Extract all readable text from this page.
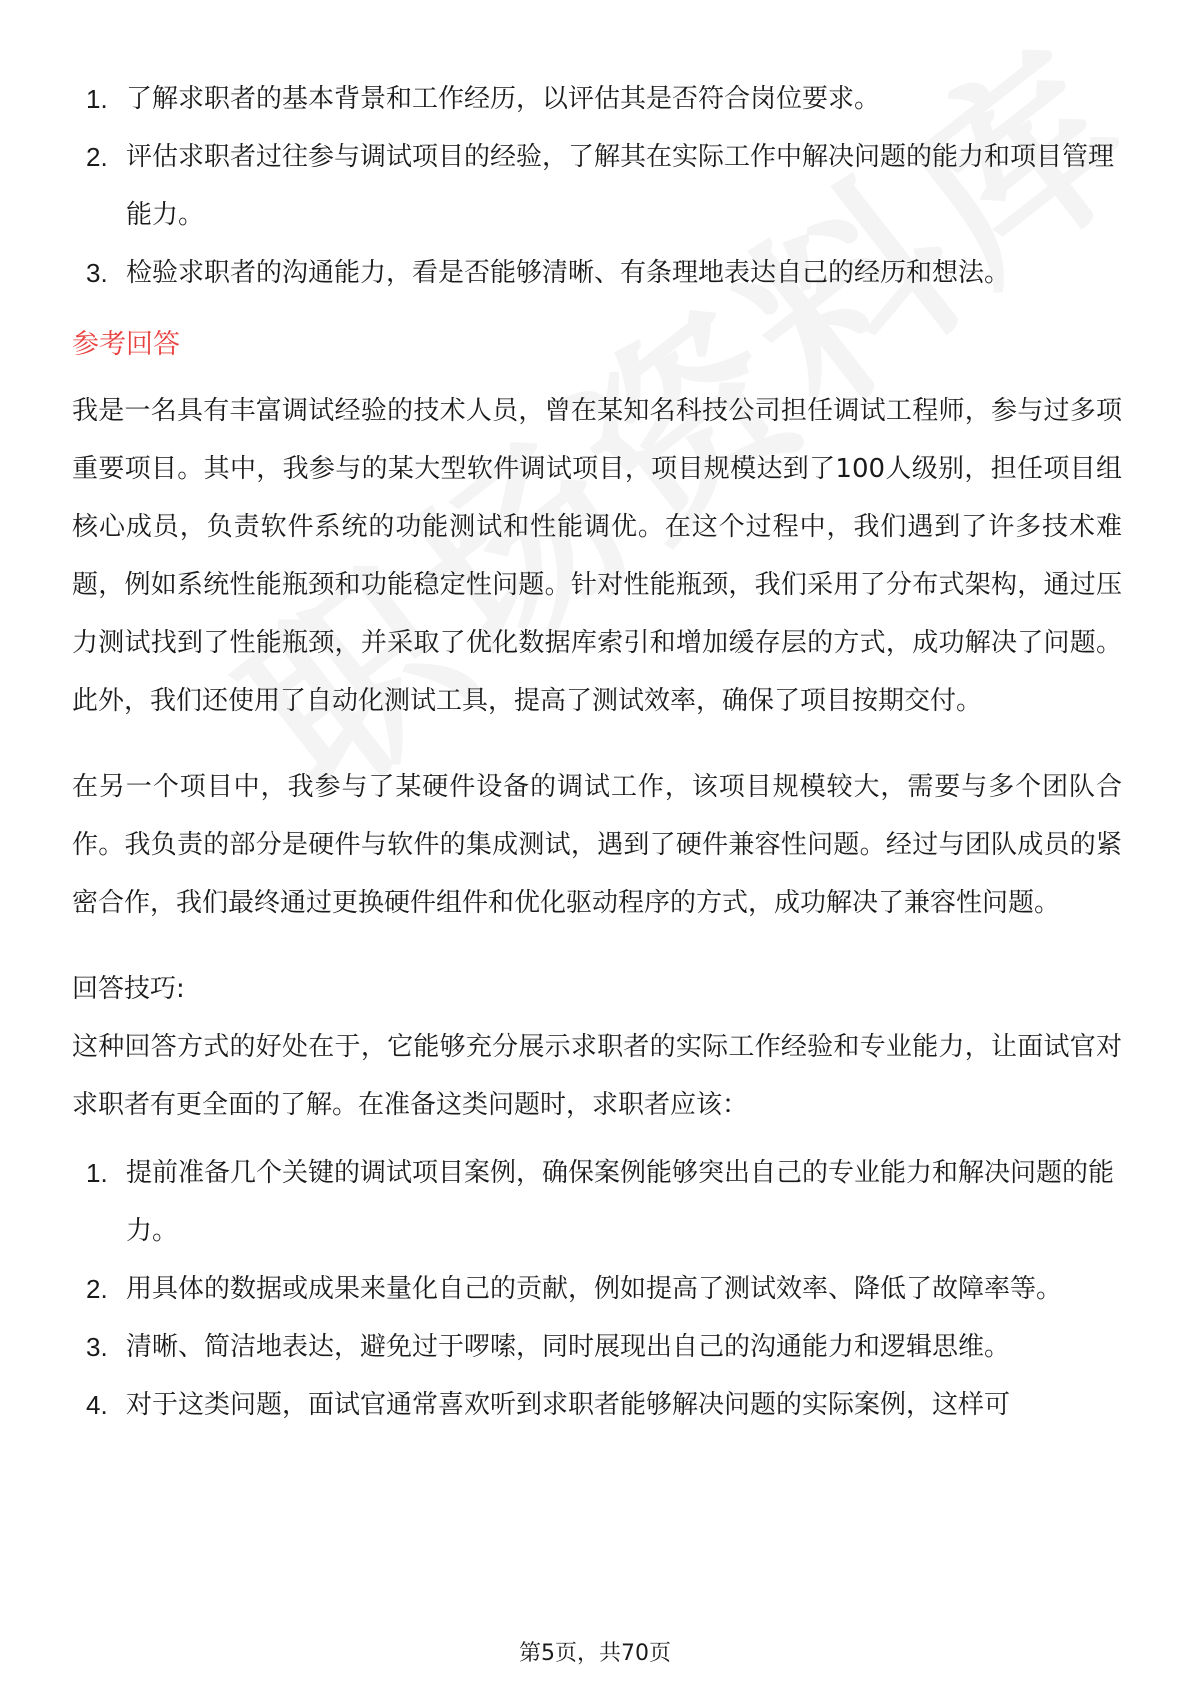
1. 了解求职者的基本背景和工作经历，以评估其是否符合岗位要求。
2. 评估求职者过往参与调试项目的经验，了解其在实际工作中解决问题的能力和项目管理能力。
3. 检验求职者的沟通能力，看是否能够清晰、有条理地表达自己的经历和想法。
参考回答

我是一名具有丰富调试经验的技术人员，曾在某知名科技公司担任调试工程师，参与过多项重要项目。其中，我参与的某大型软件调试项目，项目规模达到了100人级别，担任项目组核心成员，负责软件系统的功能测试和性能调优。在这个过程中，我们遇到了许多技术难题，例如系统性能瓶颈和功能稳定性问题。针对性能瓶颈，我们采用了分布式架构，通过压力测试找到了性能瓶颈，并采取了优化数据库索引和增加缓存层的方式，成功解决了问题。此外，我们还使用了自动化测试工具，提高了测试效率，确保了项目按期交付。

在另一个项目中，我参与了某硬件设备的调试工作，该项目规模较大，需要与多个团队合作。我负责的部分是硬件与软件的集成测试，遇到了硬件兼容性问题。经过与团队成员的紧密合作，我们最终通过更换硬件组件和优化驱动程序的方式，成功解决了兼容性问题。

回答技巧:

这种回答方式的好处在于，它能够充分展示求职者的实际工作经验和专业能力，让面试官对求职者有更全面的了解。在准备这类问题时，求职者应该：

1. 提前准备几个关键的调试项目案例，确保案例能够突出自己的专业能力和解决问题的能力。
2. 用具体的数据或成果来量化自己的贡献，例如提高了测试效率、降低了故障率等。
3. 清晰、简洁地表达，避免过于啰嗦，同时展现出自己的沟通能力和逻辑思维。
4. 对于这类问题，面试官通常喜欢听到求职者能够解决问题的实际案例，这样可
第5页，共70页
